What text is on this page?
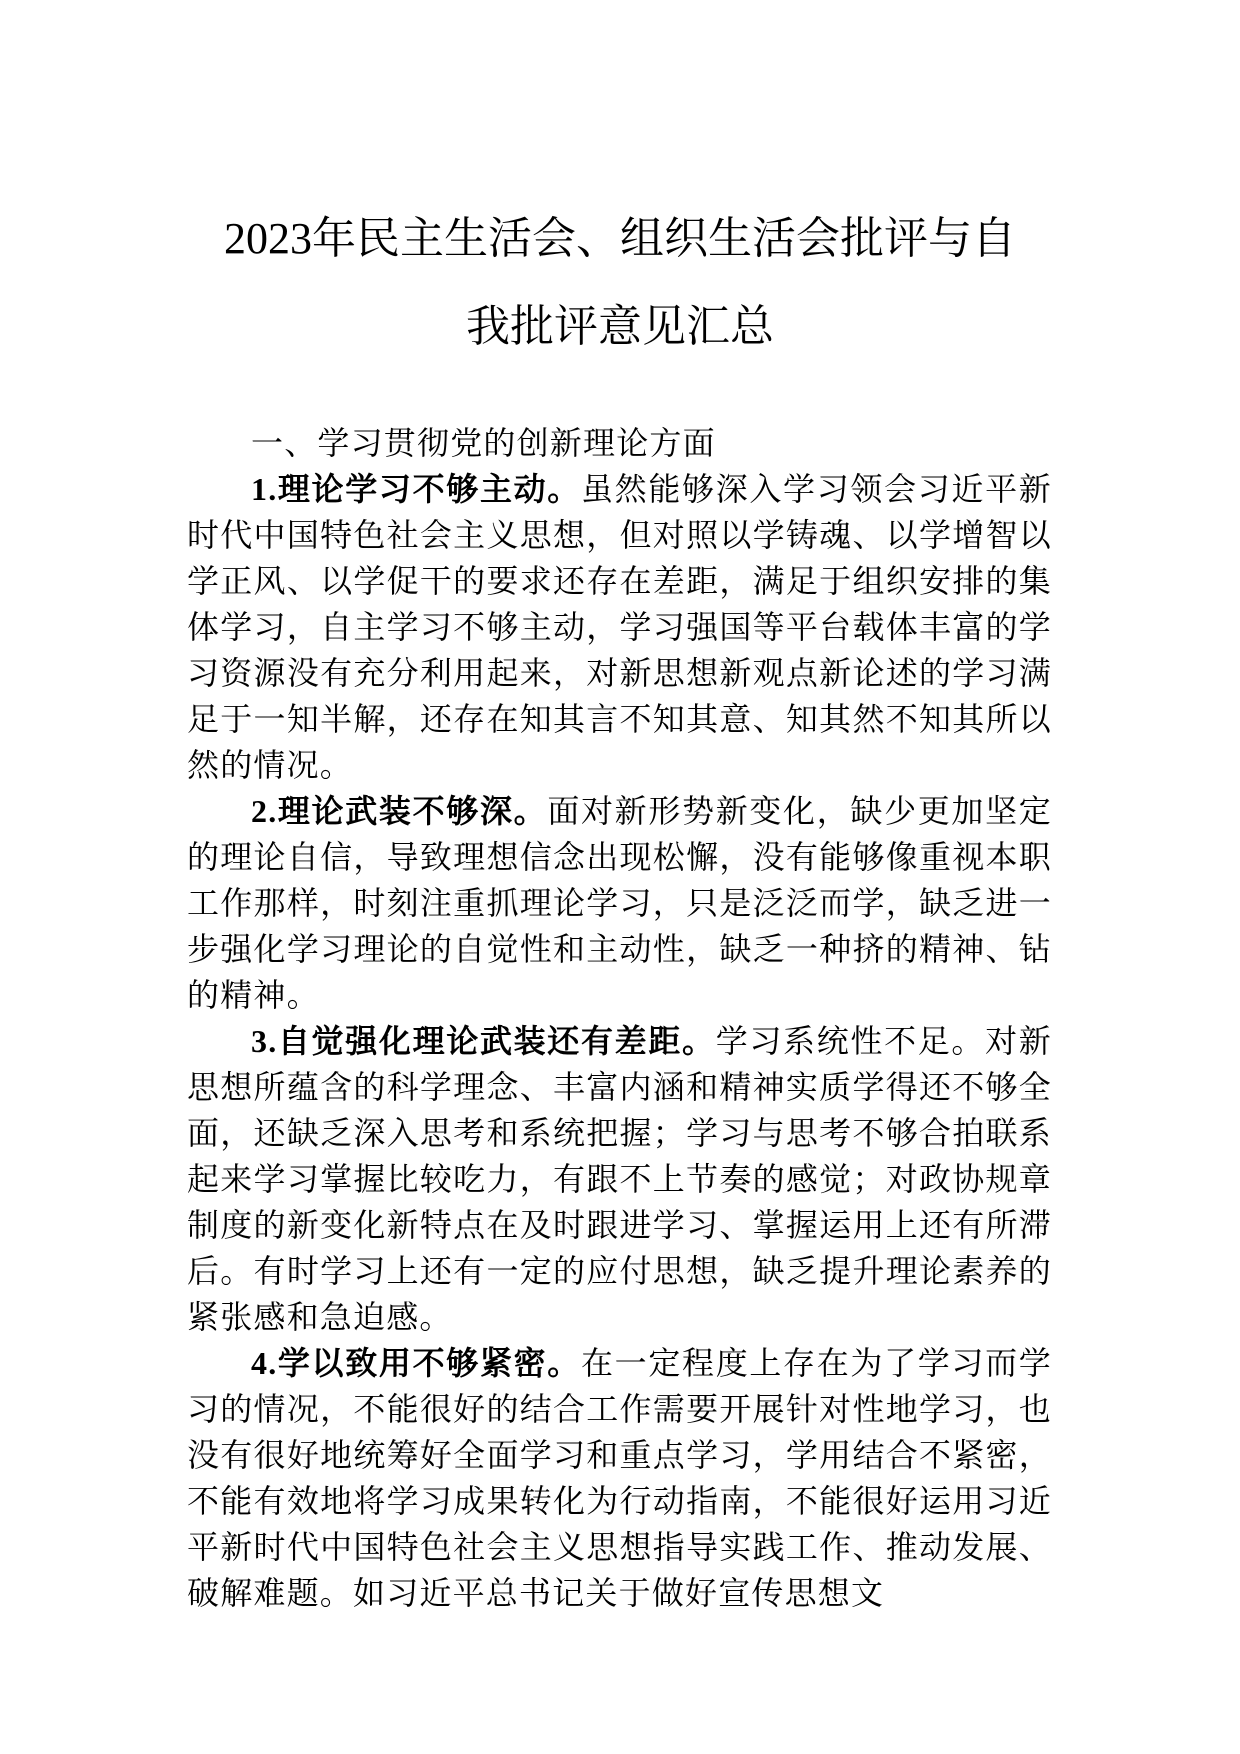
2023年民主生活会、组织生活会批评与自
我批评意见汇总

一、学习贯彻党的创新理论方面

1.理论学习不够主动。虽然能够深入学习领会习近平新时代中国特色社会主义思想，但对照以学铸魂、以学增智以学正风、以学促干的要求还存在差距，满足于组织安排的集体学习，自主学习不够主动，学习强国等平台载体丰富的学习资源没有充分利用起来，对新思想新观点新论述的学习满足于一知半解，还存在知其言不知其意、知其然不知其所以然的情况。

2.理论武装不够深。面对新形势新变化，缺少更加坚定的理论自信，导致理想信念出现松懈，没有能够像重视本职工作那样，时刻注重抓理论学习，只是泛泛而学，缺乏进一步强化学习理论的自觉性和主动性，缺乏一种挤的精神、钻的精神。

3.自觉强化理论武装还有差距。学习系统性不足。对新思想所蕴含的科学理念、丰富内涵和精神实质学得还不够全面，还缺乏深入思考和系统把握；学习与思考不够合拍联系起来学习掌握比较吃力，有跟不上节奏的感觉；对政协规章制度的新变化新特点在及时跟进学习、掌握运用上还有所滞后。有时学习上还有一定的应付思想，缺乏提升理论素养的紧张感和急迫感。

4.学以致用不够紧密。在一定程度上存在为了学习而学习的情况，不能很好的结合工作需要开展针对性地学习，也没有很好地统筹好全面学习和重点学习，学用结合不紧密，不能有效地将学习成果转化为行动指南，不能很好运用习近平新时代中国特色社会主义思想指导实践工作、推动发展、破解难题。如习近平总书记关于做好宣传思想文
